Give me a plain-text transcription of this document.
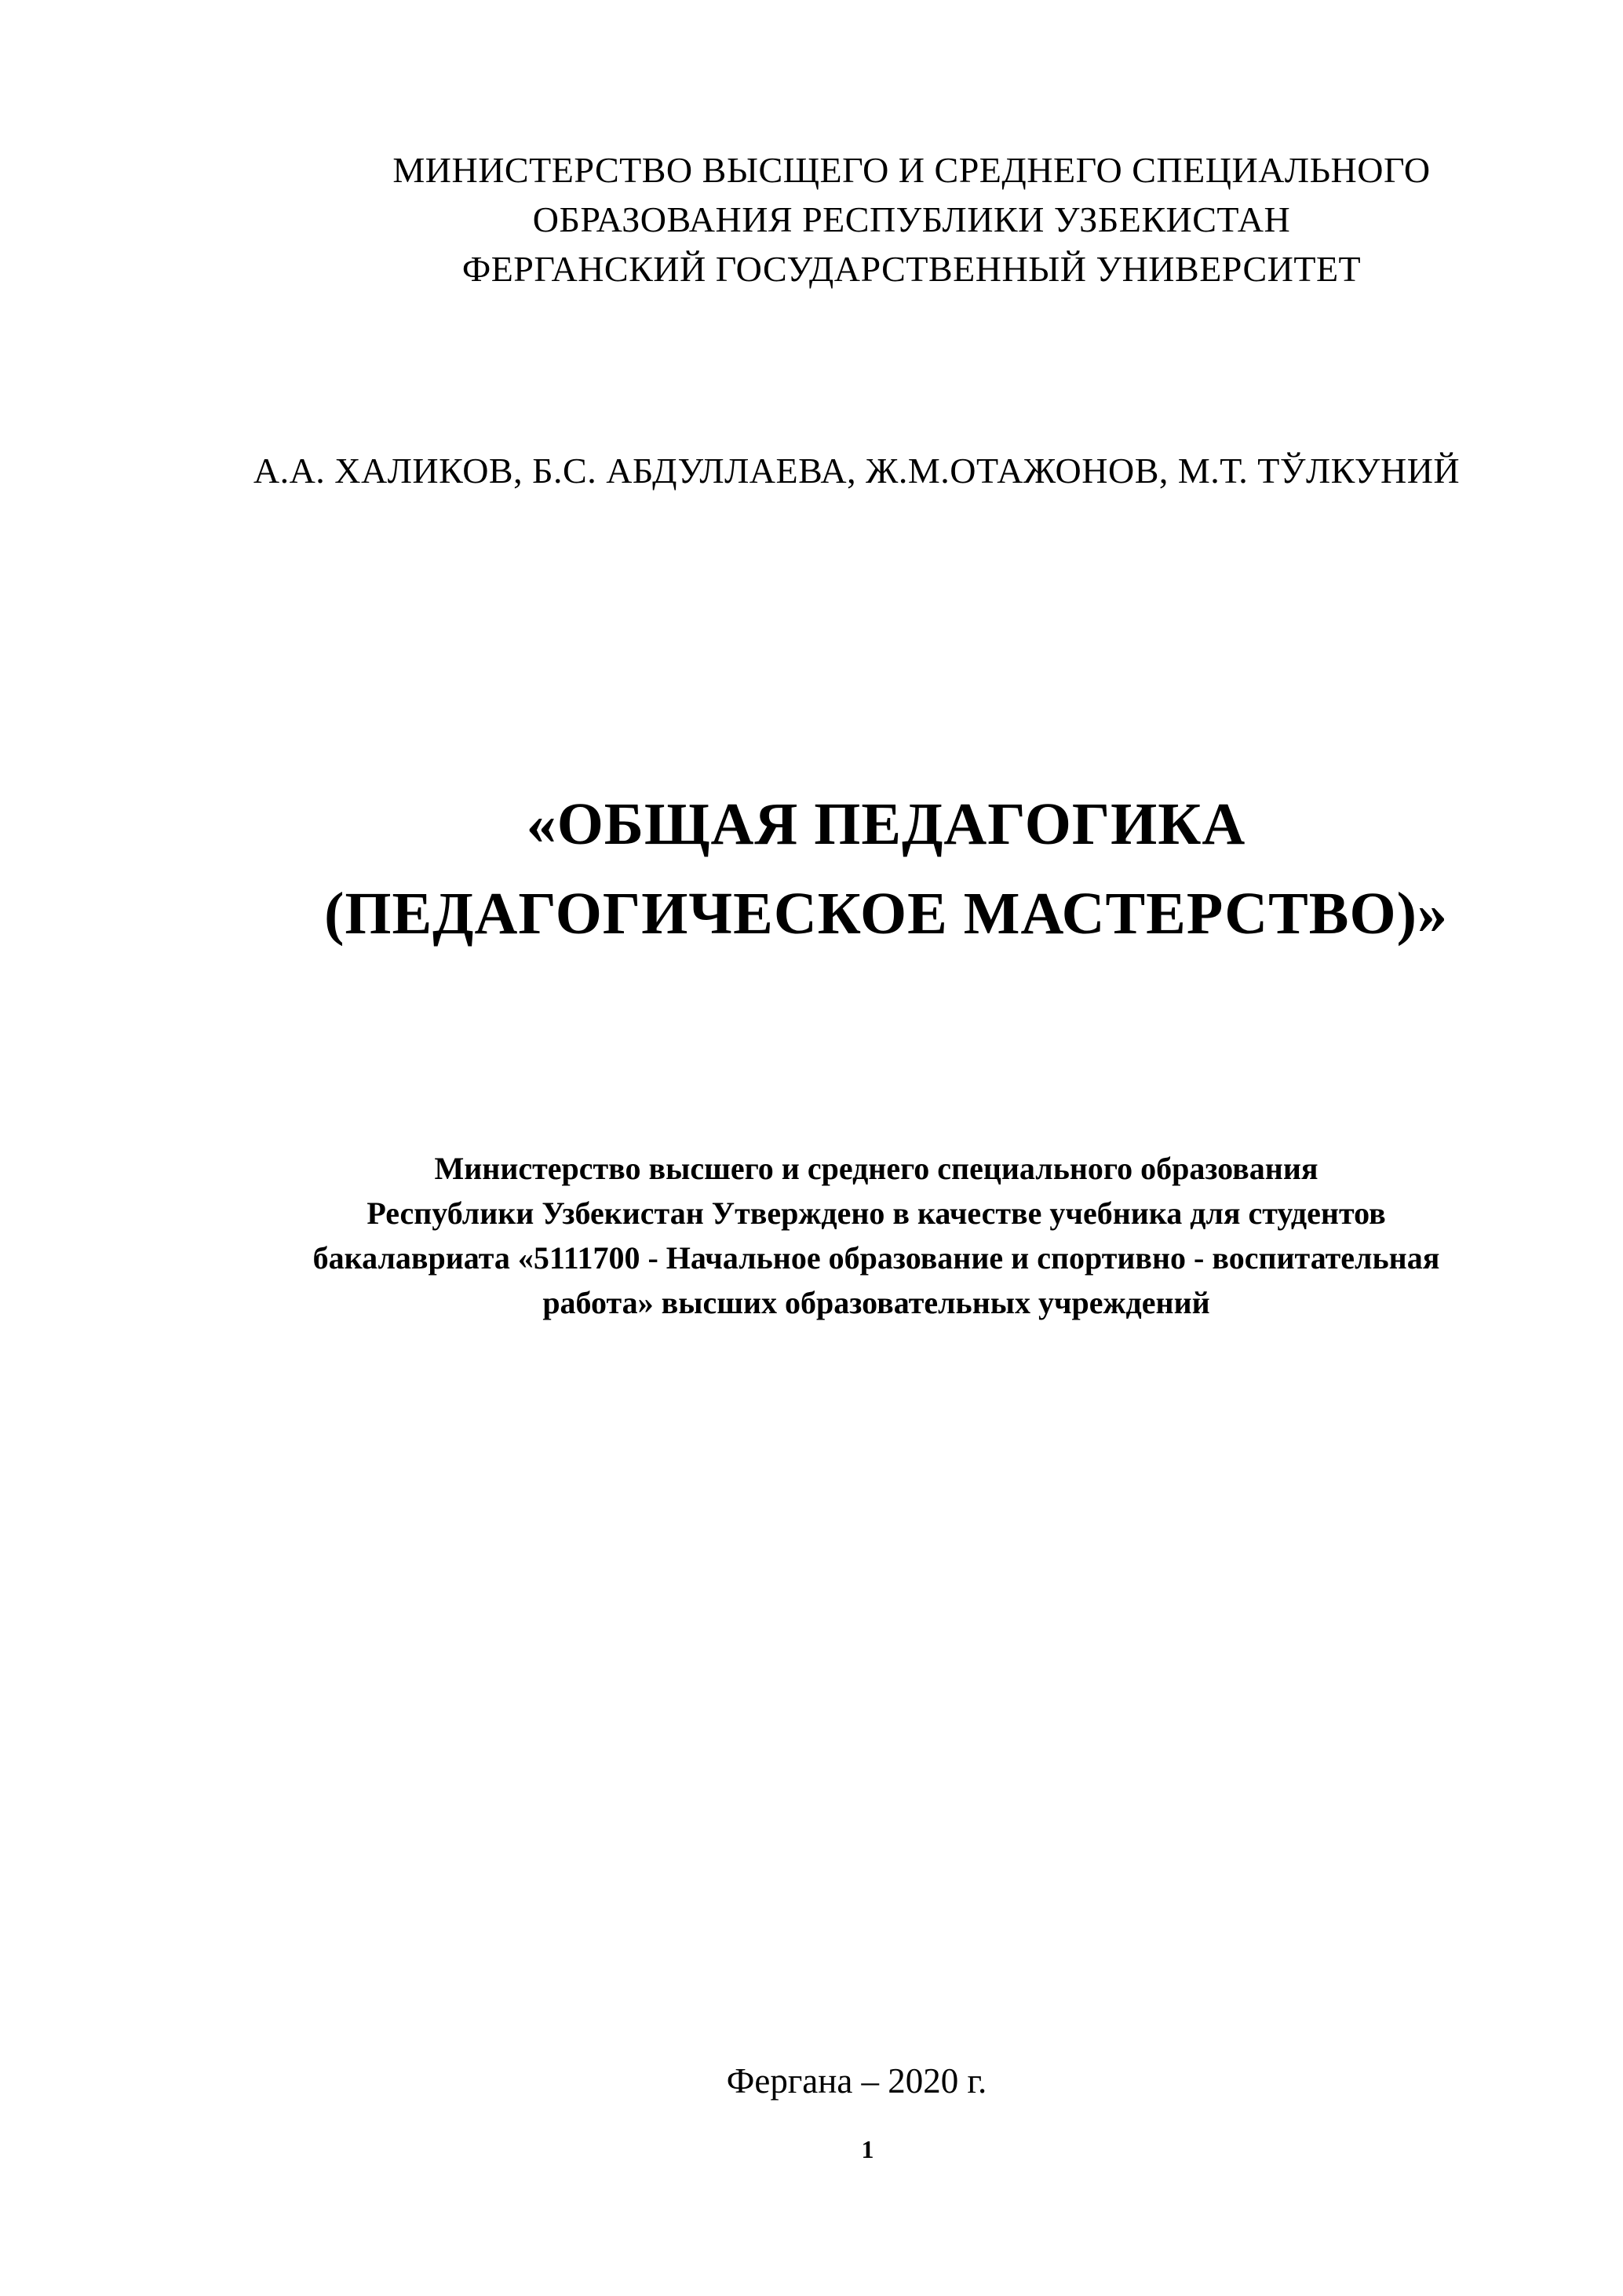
МИНИСТЕРСТВО ВЫСЩЕГО И СРЕДНЕГО СПЕЦИАЛЬНОГО
ОБРАЗОВАНИЯ РЕСПУБЛИКИ УЗБЕКИСТАН
ФЕРГАНСКИЙ ГОСУДАРСТВЕННЫЙ УНИВЕРСИТЕТ
А.А. ХАЛИКОВ, Б.С. АБДУЛЛАЕВА, Ж.М.ОТАЖОНОВ, М.Т. ТЎЛКУНИЙ
«ОБЩАЯ ПЕДАГОГИКА
(ПЕДАГОГИЧЕСКОЕ МАСТЕРСТВО)»
Министерство высшего и среднего специального образования
Республики Узбекистан Утверждено в качестве учебника для студентов
бакалавриата «5111700 - Начальное образование и спортивно - воспитательная
работа» высших образовательных учреждений
Фергана – 2020 г.
1
